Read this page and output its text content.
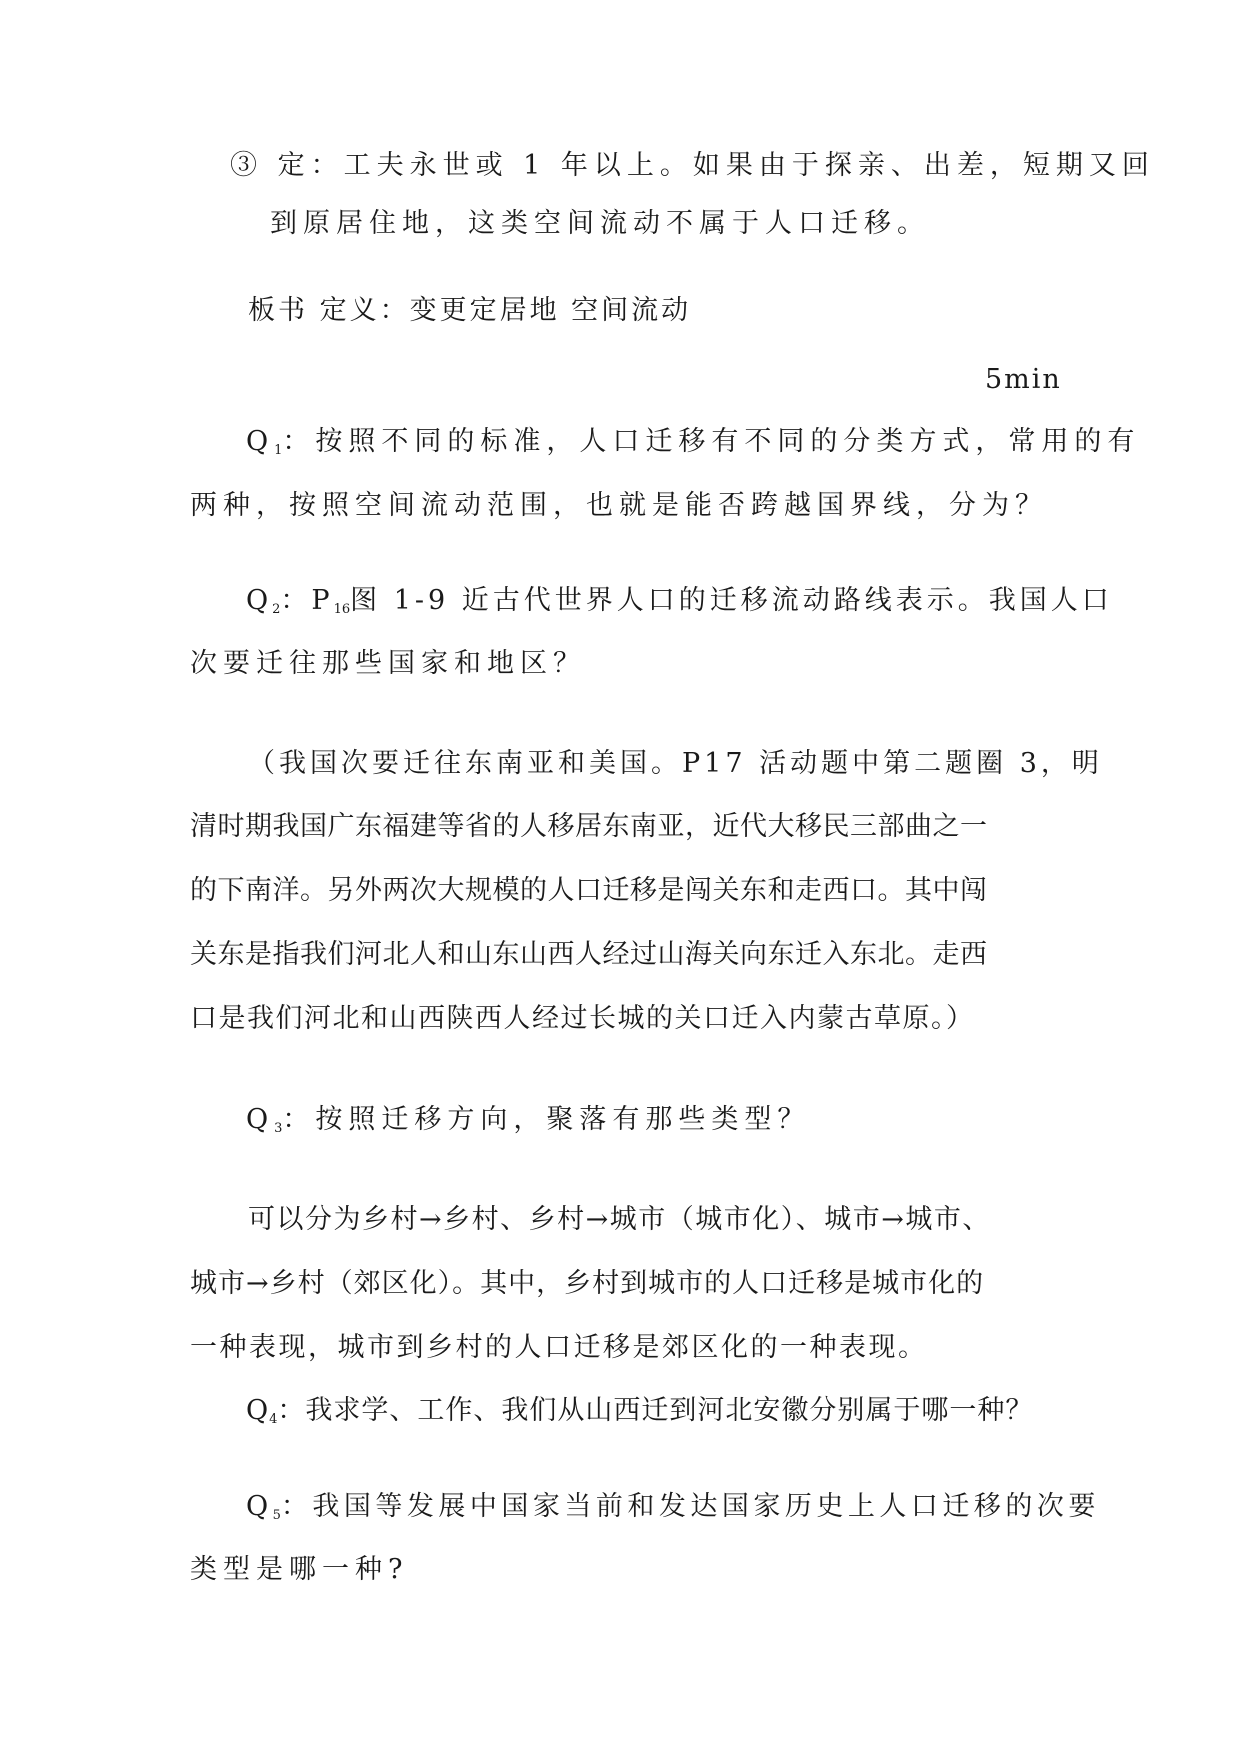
③ 定：工夫永世或 1 年以上。如果由于探亲、出差，短期又回
到原居住地，这类空间流动不属于人口迁移。
板书 定义：变更定居地 空间流动
5min
$Q_1$：按照不同的标准，人口迁移有不同的分类方式，常用的有
两种，按照空间流动范围，也就是能否跨越国界线，分为？
$Q_2$：$P_{16}$图 1-9 近古代世界人口的迁移流动路线表示。我国人口
次要迁往那些国家和地区？
（我国次要迁往东南亚和美国。P17 活动题中第二题圈 3，明
清时期我国广东福建等省的人移居东南亚，近代大移民三部曲之一
的下南洋。另外两次大规模的人口迁移是闯关东和走西口。其中闯
关东是指我们河北人和山东山西人经过山海关向东迁入东北。走西
口是我们河北和山西陕西人经过长城的关口迁入内蒙古草原。）
$Q_3$：按照迁移方向，聚落有那些类型？
可以分为乡村→乡村、乡村→城市（城市化）、城市→城市、
城市→乡村（郊区化）。其中，乡村到城市的人口迁移是城市化的
一种表现，城市到乡村的人口迁移是郊区化的一种表现。
$Q_4$：我求学、工作、我们从山西迁到河北安徽分别属于哪一种？
$Q_5$：我国等发展中国家当前和发达国家历史上人口迁移的次要
类型是哪一种?
